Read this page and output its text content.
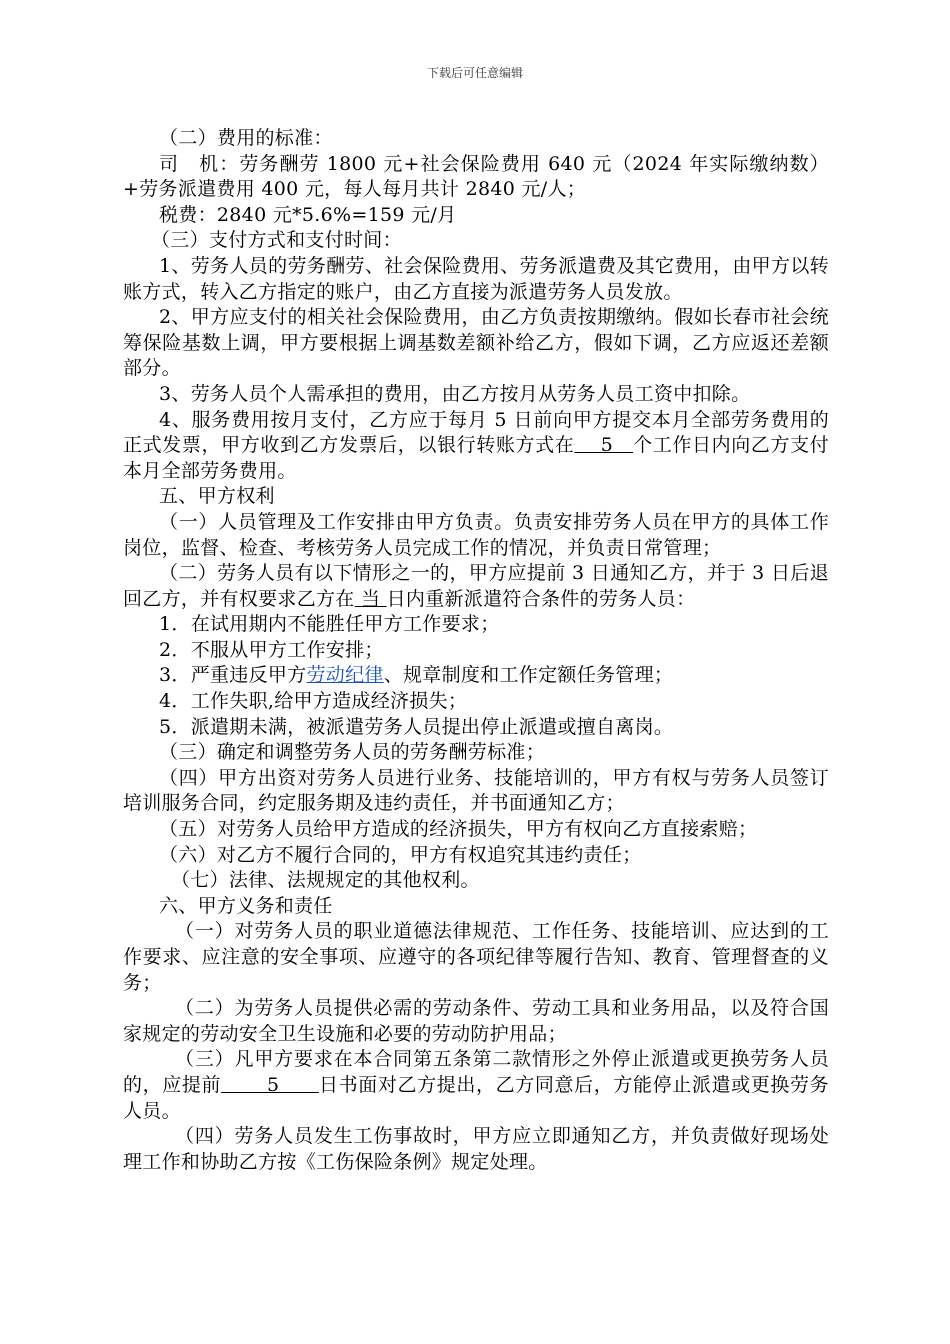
下载后可任意编辑

（二）费用的标准：

司　机：劳务酬劳 1800 元+社会保险费用 640 元（2024 年实际缴纳数）+劳务派遣费用 400 元，每人每月共计 2840 元/人；

税费：2840 元*5.6%=159 元/月

（三）支付方式和支付时间：

1、劳务人员的劳务酬劳、社会保险费用、劳务派遣费及其它费用，由甲方以转账方式，转入乙方指定的账户，由乙方直接为派遣劳务人员发放。

2、甲方应支付的相关社会保险费用，由乙方负责按期缴纳。假如长春市社会统筹保险基数上调，甲方要根据上调基数差额补给乙方，假如下调，乙方应返还差额部分。

3、劳务人员个人需承担的费用，由乙方按月从劳务人员工资中扣除。

4、服务费用按月支付，乙方应于每月 5 日前向甲方提交本月全部劳务费用的正式发票，甲方收到乙方发票后，以银行转账方式在　 5　个工作日内向乙方支付本月全部劳务费用。

五、甲方权利

（一）人员管理及工作安排由甲方负责。负责安排劳务人员在甲方的具体工作岗位，监督、检查、考核劳务人员完成工作的情况，并负责日常管理；

（二）劳务人员有以下情形之一的，甲方应提前 3 日通知乙方，并于 3 日后退回乙方，并有权要求乙方在 当 日内重新派遣符合条件的劳务人员：

1．在试用期内不能胜任甲方工作要求；

2．不服从甲方工作安排；

3．严重违反甲方劳动纪律、规章制度和工作定额任务管理；

4．工作失职,给甲方造成经济损失；

5．派遣期未满，被派遣劳务人员提出停止派遣或擅自离岗。

（三）确定和调整劳务人员的劳务酬劳标准；

（四）甲方出资对劳务人员进行业务、技能培训的，甲方有权与劳务人员签订培训服务合同，约定服务期及违约责任，并书面通知乙方；

（五）对劳务人员给甲方造成的经济损失，甲方有权向乙方直接索赔；

（六）对乙方不履行合同的，甲方有权追究其违约责任；

（七）法律、法规规定的其他权利。

六、甲方义务和责任

（一）对劳务人员的职业道德法律规范、工作任务、技能培训、应达到的工作要求、应注意的安全事项、应遵守的各项纪律等履行告知、教育、管理督查的义务；

（二）为劳务人员提供必需的劳动条件、劳动工具和业务用品，以及符合国家规定的劳动安全卫生设施和必要的劳动防护用品；

（三）凡甲方要求在本合同第五条第二款情形之外停止派遣或更换劳务人员的，应提前　　 5　　日书面对乙方提出，乙方同意后，方能停止派遣或更换劳务人员。

（四）劳务人员发生工伤事故时，甲方应立即通知乙方，并负责做好现场处理工作和协助乙方按《工伤保险条例》规定处理。
